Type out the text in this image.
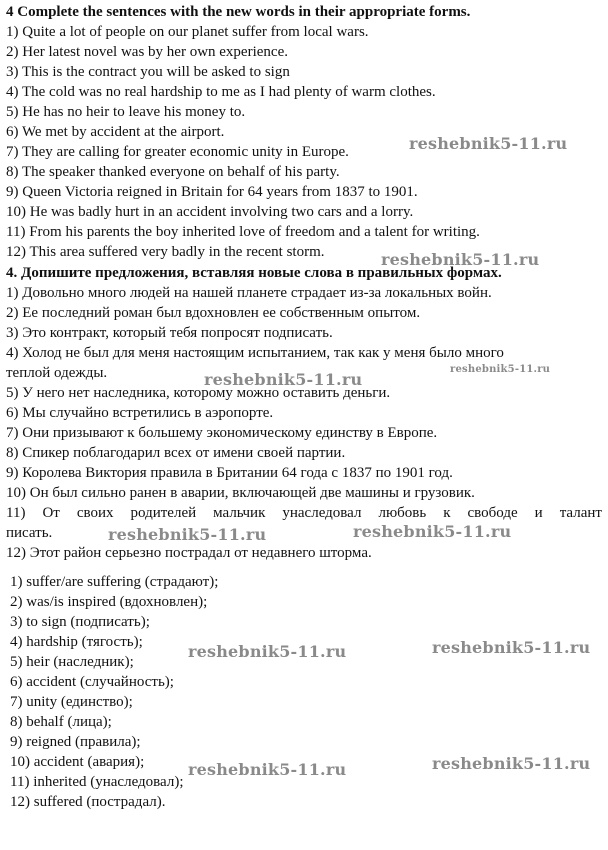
4 Complete the sentences with the new words in their appropriate forms.
1) Quite a lot of people on our planet suffer from local wars.
2) Her latest novel was by her own experience.
3) This is the contract you will be asked to sign
4) The cold was no real hardship to me as I had plenty of warm clothes.
5) He has no heir to leave his money to.
6) We met by accident at the airport.
7) They are calling for greater economic unity in Europe.
8) The speaker thanked everyone on behalf of his party.
9) Queen Victoria reigned in Britain for 64 years from 1837 to 1901.
10) He was badly hurt in an accident involving two cars and a lorry.
11) From his parents the boy inherited love of freedom and a talent for writing.
12) This area suffered very badly in the recent storm.
4. Допишите предложения, вставляя новые слова в правильных формах.
1) Довольно много людей на нашей планете страдает из-за локальных войн.
2) Ее последний роман был вдохновлен ее собственным опытом.
3) Это контракт, который тебя попросят подписать.
4) Холод не был для меня настоящим испытанием, так как у меня было много
теплой одежды.
5) У него нет наследника, которому можно оставить деньги.
6) Мы случайно встретились в аэропорте.
7) Они призывают к большему экономическому единству в Европе.
8) Спикер поблагодарил всех от имени своей партии.
9) Королева Виктория правила в Британии 64 года с 1837 по 1901 год.
10) Он был сильно ранен в аварии, включающей две машины и грузовик.
11) От своих родителей мальчик унаследовал любовь к свободе и талант
писать.
12) Этот район серьезно пострадал от недавнего шторма.
1) suffer/are suffering (страдают);
2) was/is inspired (вдохновлен);
3) to sign (подписать);
4) hardship (тягость);
5) heir (наследник);
6) accident (случайность);
7) unity (единство);
8) behalf (лица);
9) reigned (правила);
10) accident (авария);
11) inherited (унаследовал);
12) suffered (пострадал).
reshebnik5-11.ru
reshebnik5-11.ru
reshebnik5-11.ru
reshebnik5-11.ru
reshebnik5-11.ru	reshebnik5-11.ru
reshebnik5-11.ru	reshebnik5-11.ru
reshebnik5-11.ru	reshebnik5-11.ru
